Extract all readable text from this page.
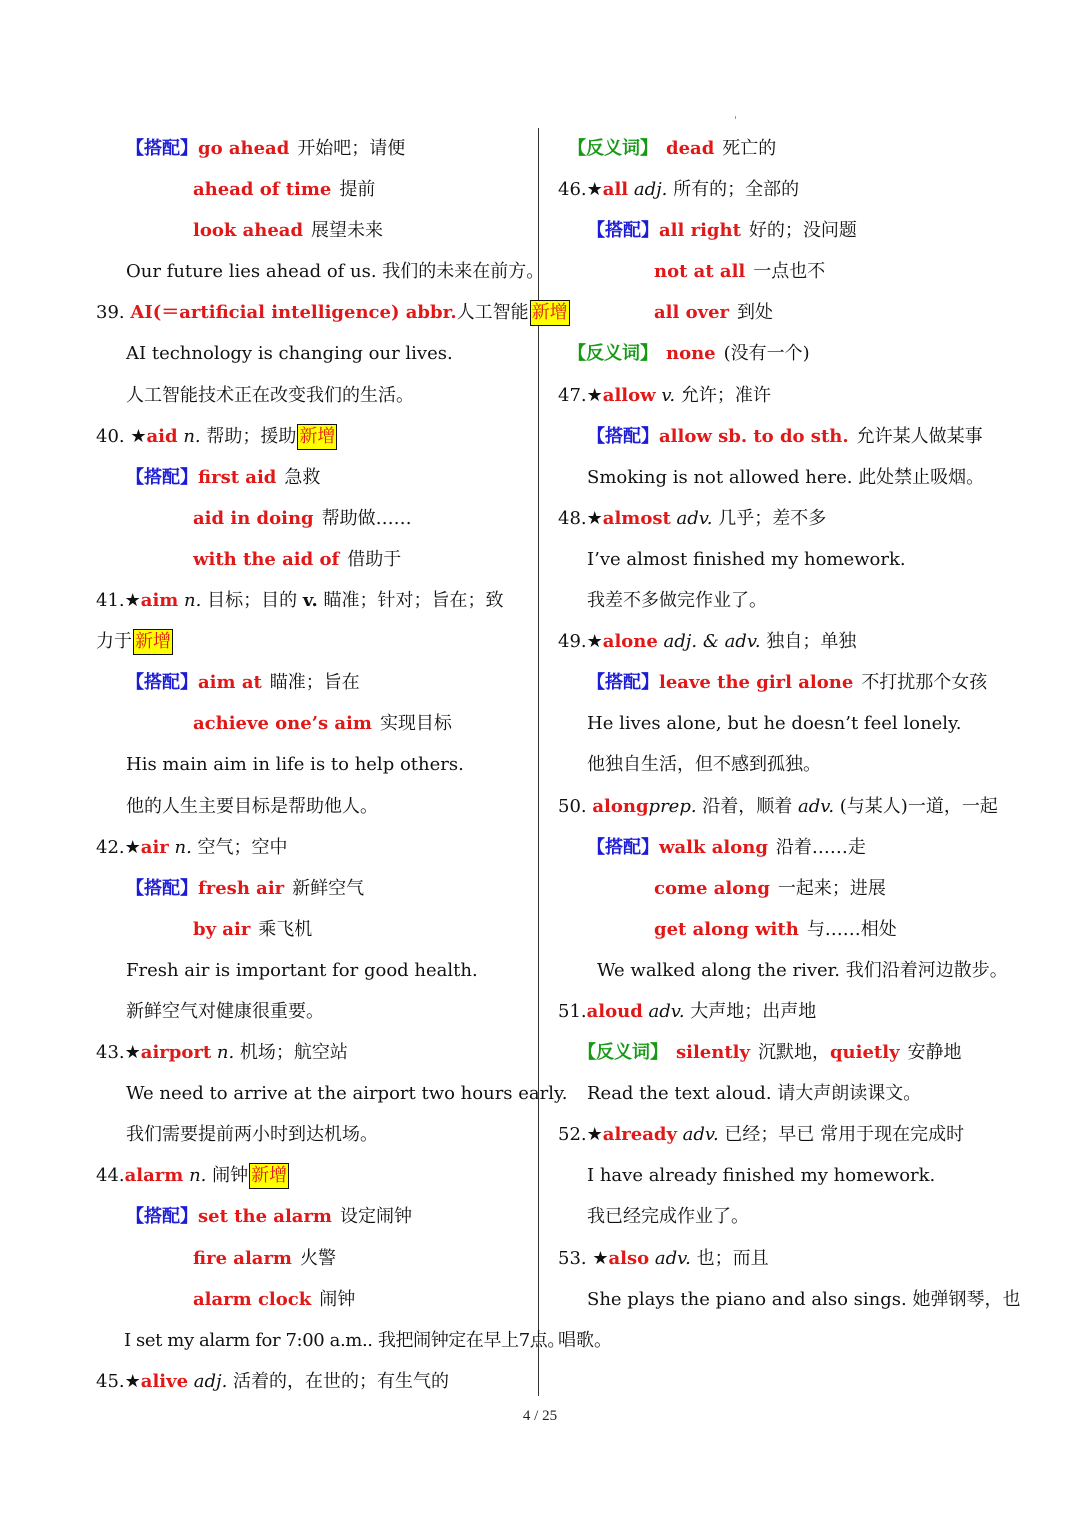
【搭配】go ahead 开始吧；请便
ahead of time 提前
look ahead 展望未来
Our future lies ahead of us. 我们的未来在前方。
39. AI(＝artificial intelligence) abbr.人工智能 新增
AI technology is changing our lives.
人工智能技术正在改变我们的生活。
40. ★aid n. 帮助；援助 新增
【搭配】first aid 急救
aid in doing 帮助做……
with the aid of 借助于
41.★aim n. 目标；目的 v. 瞄准；针对；旨在；致
力于 新增
【搭配】aim at 瞄准；旨在
achieve one’s aim 实现目标
His main aim in life is to help others.
他的人生主要目标是帮助他人。
42.★air n. 空气；空中
【搭配】fresh air 新鲜空气
by air 乘飞机
Fresh air is important for good health.
新鲜空气对健康很重要。
43.★airport n. 机场；航空站
We need to arrive at the airport two hours early.
我们需要提前两小时到达机场。
44.alarm n. 闹钟 新增
【搭配】set the alarm 设定闹钟
fire alarm 火警
alarm clock 闹钟
I set my alarm for 7:00 a.m.. 我把闹钟定在早上7点。
45.★alive adj. 活着的，在世的；有生气的
【反义词】 dead 死亡的
46.★all adj. 所有的；全部的
【搭配】all right 好的；没问题
not at all 一点也不
all over 到处
【反义词】 none (没有一个)
47.★allow v. 允许；准许
【搭配】allow sb. to do sth. 允许某人做某事
Smoking is not allowed here. 此处禁止吸烟。
48.★almost adv. 几乎；差不多
I’ve almost finished my homework.
我差不多做完作业了。
49.★alone adj. & adv. 独自；单独
【搭配】leave the girl alone 不打扰那个女孩
He lives alone, but he doesn’t feel lonely.
他独自生活，但不感到孤独。
50. alongprep. 沿着，顺着 adv. (与某人)一道，一起
【搭配】walk along 沿着……走
come along 一起来；进展
get along with 与……相处
We walked along the river. 我们沿着河边散步。
51.aloud adv. 大声地；出声地
【反义词】 silently 沉默地，quietly 安静地
Read the text aloud. 请大声朗读课文。
52.★already adv. 已经；早已 常用于现在完成时
I have already finished my homework.
我已经完成作业了。
53. ★also adv. 也；而且
She plays the piano and also sings. 她弹钢琴，也
唱歌。
4 / 25
